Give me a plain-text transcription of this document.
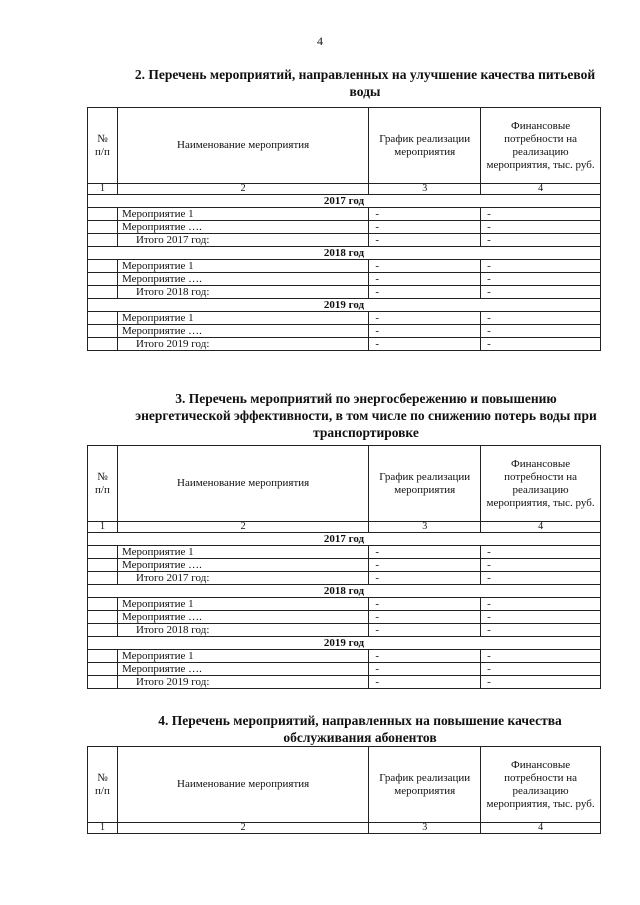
4
2. Перечень мероприятий, направленных на улучшение качества питьевой воды
№ п/п	Наименование мероприятия	График реализации мероприятия	Финансовые потребности на реализацию мероприятия, тыс. руб.
1	2	3	4
2017 год			
	Мероприятие 1	-	-
	Мероприятие ….	-	-
	Итого 2017 год:	-	-
2018 год			
	Мероприятие 1	-	-
	Мероприятие ….	-	-
	Итого 2018 год:	-	-
2019 год			
	Мероприятие 1	-	-
	Мероприятие ….	-	-
	Итого 2019 год:	-	-
3. Перечень мероприятий по энергосбережению и повышению энергетической эффективности, в том числе по снижению потерь воды при транспортировке
№ п/п	Наименование мероприятия	График реализации мероприятия	Финансовые потребности на реализацию мероприятия, тыс. руб.
1	2	3	4
2017 год			
	Мероприятие 1	-	-
	Мероприятие ….	-	-
	Итого 2017 год:	-	-
2018 год			
	Мероприятие 1	-	-
	Мероприятие ….	-	-
	Итого 2018 год:	-	-
2019 год			
	Мероприятие 1	-	-
	Мероприятие ….	-	-
	Итого 2019 год:	-	-
4. Перечень мероприятий, направленных на повышение качества обслуживания абонентов
№ п/п	Наименование мероприятия	График реализации мероприятия	Финансовые потребности на реализацию мероприятия, тыс. руб.
1	2	3	4
